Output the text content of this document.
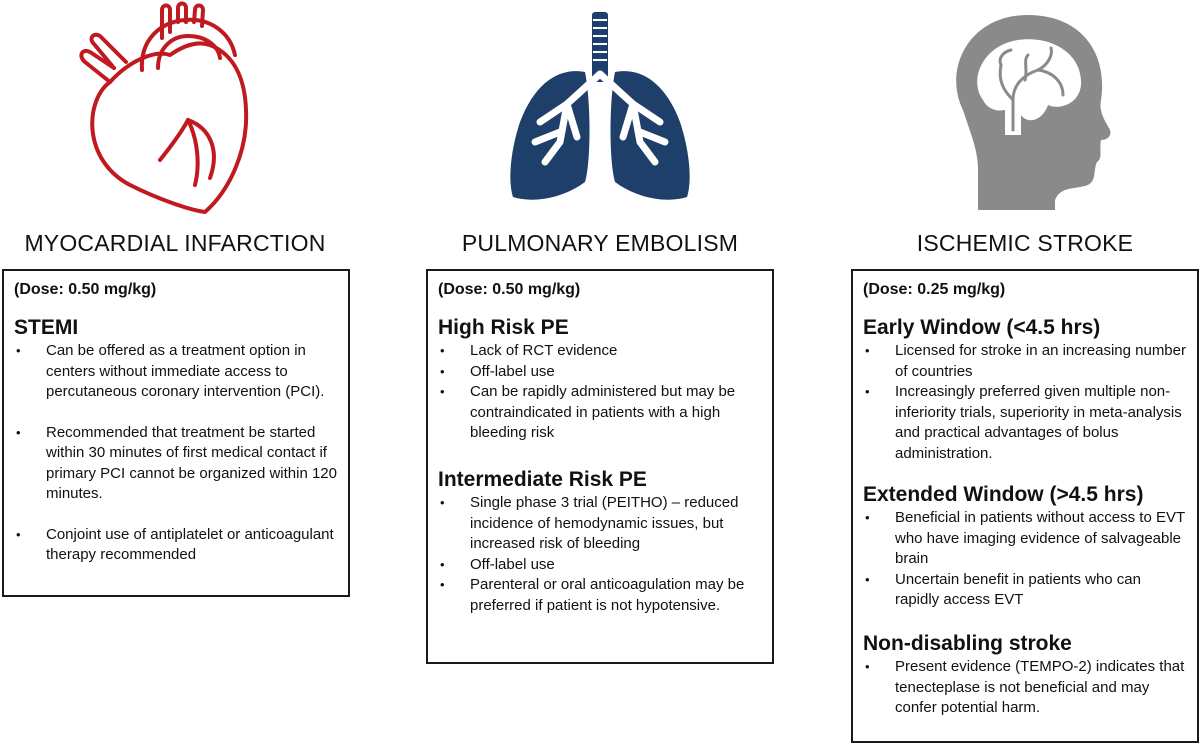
MYOCARDIAL INFARCTION	PULMONARY EMBOLISM	ISCHEMIC STROKE
(Dose: 0.50 mg/kg)

STEMI

• Can be offered as a treatment option in centers without immediate access to percutaneous coronary intervention (PCI).
• Recommended that treatment be started within 30 minutes of first medical contact if primary PCI cannot be organized within 120 minutes.
• Conjoint use of antiplatelet or anticoagulant therapy recommended
(Dose: 0.50 mg/kg)

High Risk PE

• Lack of RCT evidence
• Off-label use
• Can be rapidly administered but may be contraindicated in patients with a high bleeding risk

Intermediate Risk PE

• Single phase 3 trial (PEITHO) – reduced incidence of hemodynamic issues, but increased risk of bleeding
• Off-label use
• Parenteral or oral anticoagulation may be preferred if patient is not hypotensive.
(Dose: 0.25 mg/kg)

Early Window (<4.5 hrs)

• Licensed for stroke in an increasing number of countries
• Increasingly preferred given multiple non-inferiority trials, superiority in meta-analysis and practical advantages of bolus administration.

Extended Window (>4.5 hrs)

• Beneficial in patients without access to EVT who have imaging evidence of salvageable brain
• Uncertain benefit in patients who can rapidly access EVT

Non-disabling stroke

• Present evidence (TEMPO-2) indicates that tenecteplase is not beneficial and may confer potential harm.
